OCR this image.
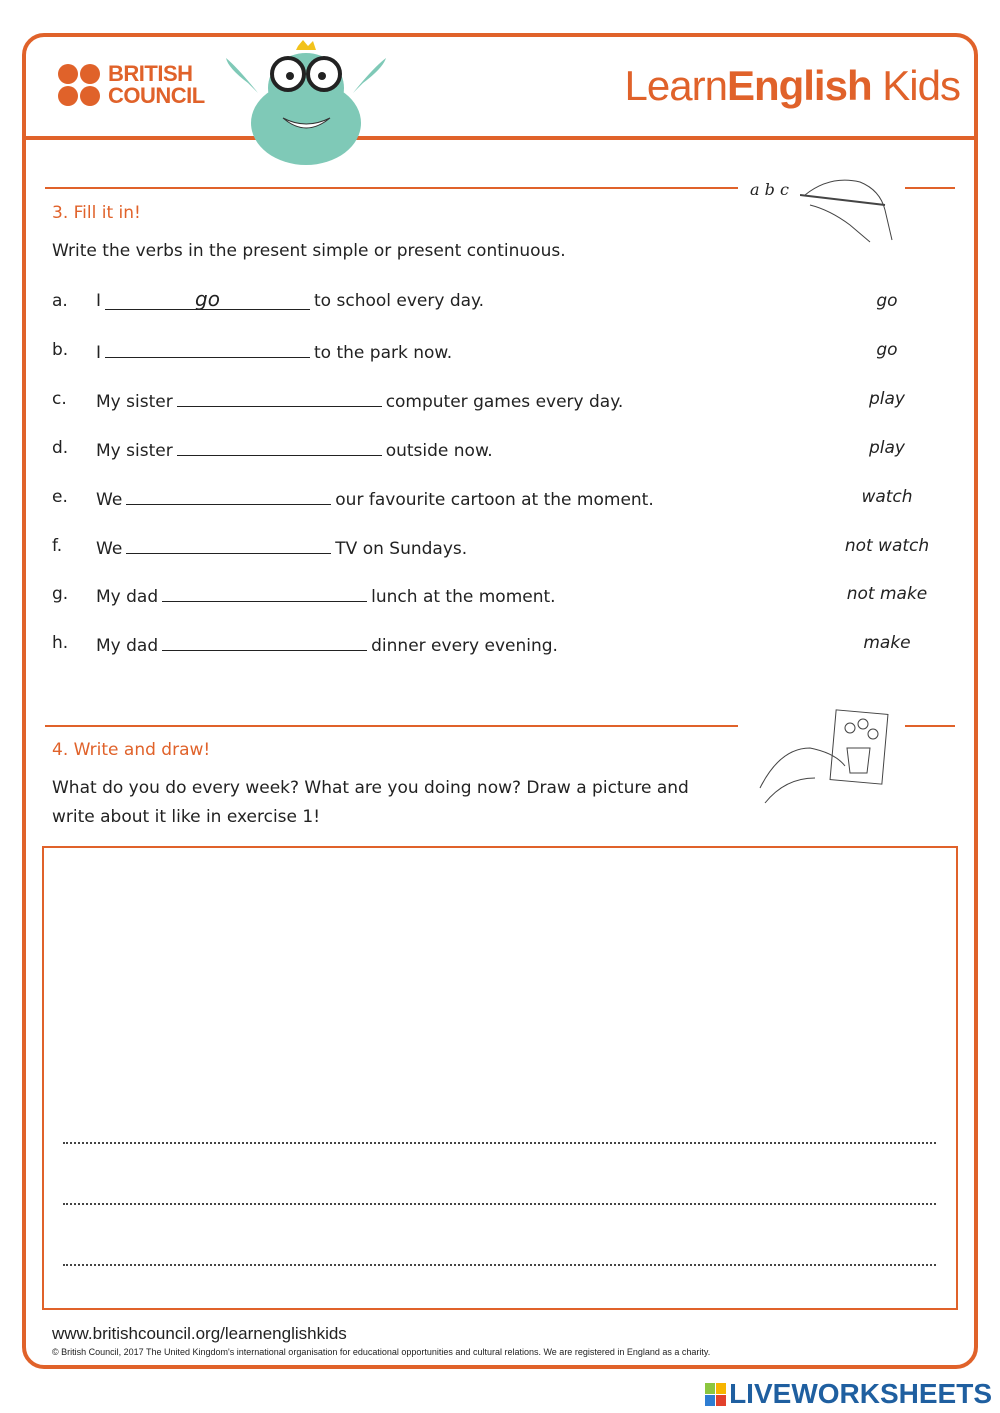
BRITISH
COUNCIL	LearnEnglish Kids
a b c
3. Fill it in!
Write the verbs in the present simple or present continuous.
a. I	go	to school every day.	go
b. I	to the park now.	go
c. My sister	computer games every day.	play
d. My sister	outside now.	play
e. We	our favourite cartoon at the moment.	watch
f. We	TV on Sundays.	not watch
g. My dad	lunch at the moment.	not make
h. My dad	dinner every evening.	make
4. Write and draw!
What do you do every week? What are you doing now? Draw a picture and
write about it like in exercise 1!
www.britishcouncil.org/learnenglishkids
© British Council, 2017 The United Kingdom's international organisation for educational opportunities and cultural relations. We are registered in England as a charity.
LIVEWORKSHEETS
